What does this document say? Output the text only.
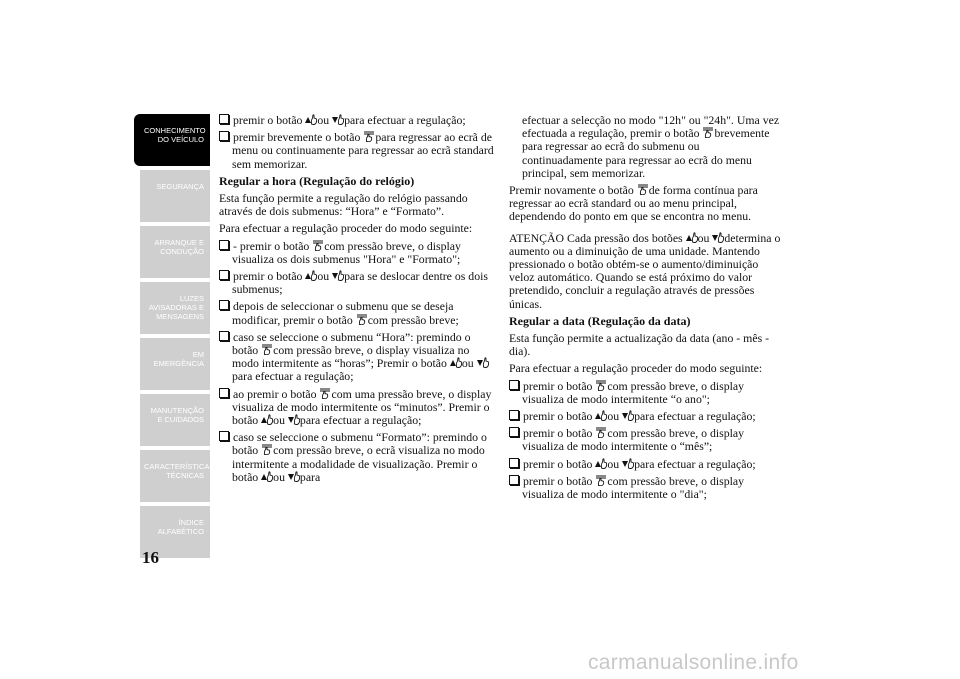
CONHECIMENTO DO VEÍCULO
SEGURANÇA
ARRANQUE E CONDUÇÃO
LUZES AVISADORAS E MENSAGENS
EM EMERGÊNCIA
MANUTENÇÃO E CUIDADOS
CARACTERÍSTICAS TÉCNICAS
ÍNDICE ALFABÉTICO
16

premir o botão
ou
para efectuar a regulação;

premir brevemente o botão
para regressar ao ecrã de menu ou continuamente para regressar ao ecrã standard sem memorizar.

Regular a hora (Regulação do relógio)

Esta função permite a regulação do relógio passando através de dois submenus: “Hora” e “Formato”.

Para efectuar a regulação proceder do modo seguinte:

- premir o botão
com pressão breve, o display visualiza os dois submenus "Hora" e "Formato";

premir o botão
ou
para se deslocar dentre os dois submenus;

depois de seleccionar o submenu que se deseja modificar, premir o botão
com pressão breve;

caso se seleccione o submenu “Hora”: premindo o botão
com pressão breve, o display visualiza no modo intermitente as “horas”; Premir o botão
ou
para efectuar a regulação;

ao premir o botão
com uma pressão breve, o display visualiza de modo intermitente os “minutos”. Premir o botão
ou
para efectuar a regulação;

caso se seleccione o submenu “Formato”: premindo o botão
com pressão breve, o ecrã visualiza no modo intermitente a modalidade de visualização. Premir o botão
ou
para

efectuar a selecção no modo "12h" ou "24h". Uma vez efectuada a regulação, premir o botão
brevemente para regressar ao ecrã do submenu ou continuadamente para regressar ao ecrã do menu principal, sem memorizar.

Premir novamente o botão
de forma contínua para regressar ao ecrã standard ou ao menu principal, dependendo do ponto em que se encontra no menu.

ATENÇÃO Cada pressão dos botões
ou
determina o aumento ou a diminuição de uma unidade. Mantendo pressionado o botão obtém-se o aumento/diminuição veloz automático. Quando se está próximo do valor pretendido, concluir a regulação através de pressões únicas.

Regular a data (Regulação da data)

Esta função permite a actualização da data (ano - mês - dia).

Para efectuar a regulação proceder do modo seguinte:

premir o botão
com pressão breve, o display visualiza de modo intermitente “o ano";

premir o botão
ou
para efectuar a regulação;

premir o botão
com pressão breve, o display visualiza de modo intermitente o “mês”;

premir o botão
ou
para efectuar a regulação;

premir o botão
com pressão breve, o display visualiza de modo intermitente o "dia";

carmanualsonline.info
